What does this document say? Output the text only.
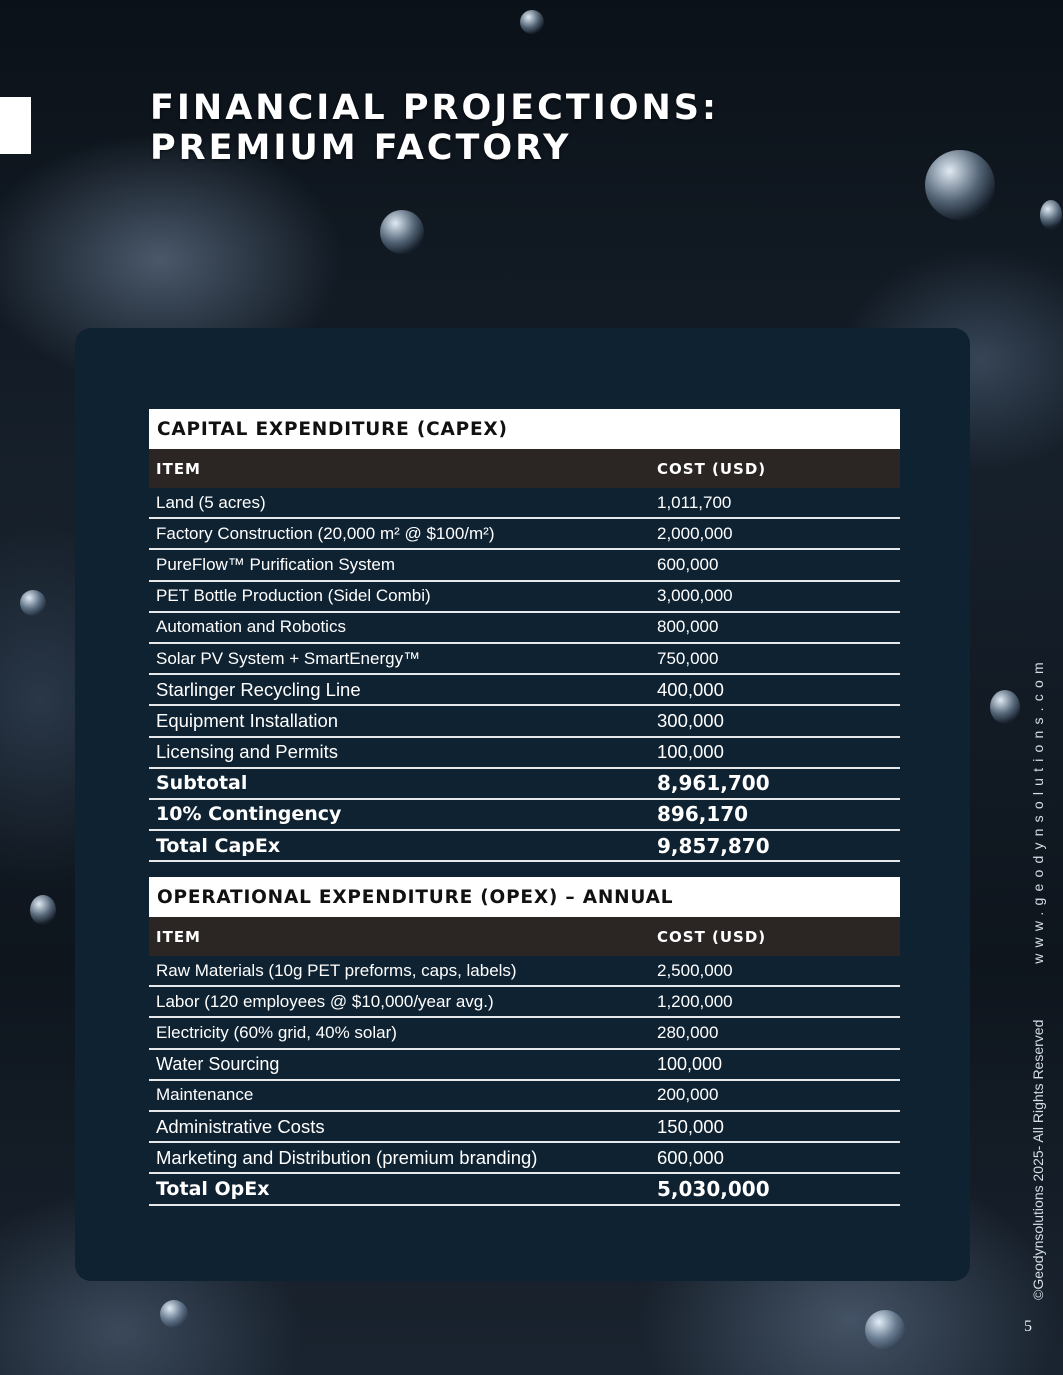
FINANCIAL PROJECTIONS:
PREMIUM FACTORY
CAPITAL EXPENDITURE (CAPEX)
ITEM	COST (USD)
Land (5 acres)	1,011,700
Factory Construction (20,000 m² @ $100/m²)	2,000,000
PureFlow™ Purification System	600,000
PET Bottle Production (Sidel Combi)	3,000,000
Automation and Robotics	800,000
Solar PV System + SmartEnergy™	750,000
Starlinger Recycling Line	400,000
Equipment Installation	300,000
Licensing and Permits	100,000
Subtotal	8,961,700
10% Contingency	896,170
Total CapEx	9,857,870
OPERATIONAL EXPENDITURE (OPEX) – ANNUAL
ITEM	COST (USD)
Raw Materials (10g PET preforms, caps, labels)	2,500,000
Labor (120 employees @ $10,000/year avg.)	1,200,000
Electricity (60% grid, 40% solar)	280,000
Water Sourcing	100,000
Maintenance	200,000
Administrative Costs	150,000
Marketing and Distribution (premium branding)	600,000
Total OpEx	5,030,000	©Geodynsolutions 2025- All Rights Reserved www.geodynsolutions.com
5
